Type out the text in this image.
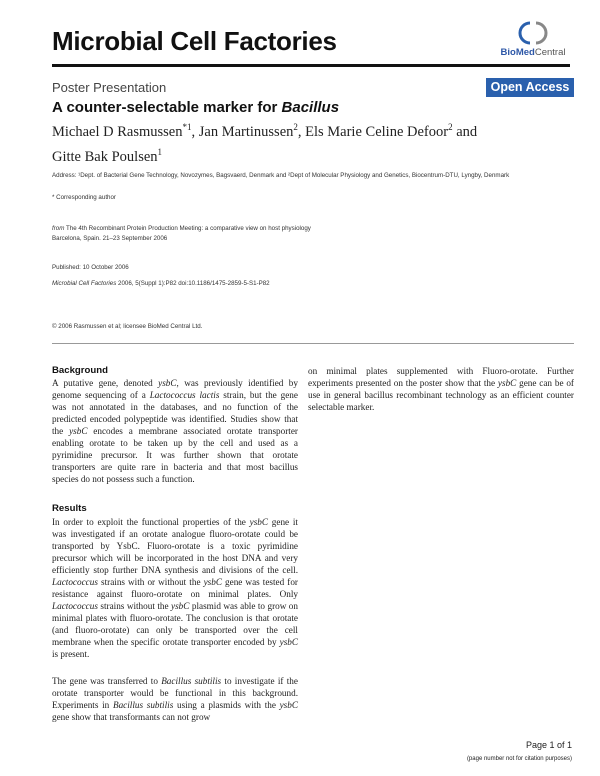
Microbial Cell Factories	BioMedCentral
Poster Presentation	Open Access
A counter-selectable marker for Bacillus
Michael D Rasmussen$^{*1}$, Jan Martinussen$^2$, Els Marie Celine Defoor$^2$ and
Gitte Bak Poulsen$^1$
Address: ¹Dept. of Bacterial Gene Technology, Novozymes, Bagsvaerd, Denmark and ²Dept of Molecular Physiology and Genetics, Biocentrum-DTU, Lyngby, Denmark
* Corresponding author
from The 4th Recombinant Protein Production Meeting: a comparative view on host physiology
Barcelona, Spain. 21–23 September 2006
Published: 10 October 2006
Microbial Cell Factories 2006, 5(Suppl 1):P82 doi:10.1186/1475-2859-5-S1-P82
© 2006 Rasmussen et al; licensee BioMed Central Ltd.
Background
A putative gene, denoted ysbC, was previously identified by genome sequencing of a Lactococcus lactis strain, but the gene was not annotated in the databases, and no function of the predicted encoded polypeptide was identified. Studies show that the ysbC encodes a membrane associated orotate transporter enabling orotate to be taken up by the cell and used as a pyrimidine precursor. It was further shown that orotate transporters are quite rare in bacteria and that most bacillus species do not possess such a function.
Results
In order to exploit the functional properties of the ysbC gene it was investigated if an orotate analogue fluoro-orotate could be transported by YsbC. Fluoro-orotate is a toxic pyrimidine precursor which will be incorporated in the host DNA and very efficiently stop further DNA synthesis and divisions of the cell. Lactococcus strains with or without the ysbC gene was tested for resistance against fluoro-orotate on minimal plates. Only Lactococcus strains without the ysbC plasmid was able to grow on minimal plates with fluoro-orotate. The conclusion is that orotate (and fluoro-orotate) can only be transported over the cell membrane when the specific orotate transporter encoded by ysbC is present.
The gene was transferred to Bacillus subtilis to investigate if the orotate transporter would be functional in this background. Experiments in Bacillus subtilis using a plasmids with the ysbC gene show that transformants can not grow
on minimal plates supplemented with Fluoro-orotate. Further experiments presented on the poster show that the ysbC gene can be of use in general bacillus recombinant technology as an efficient counter selectable marker.
Page 1 of 1
(page number not for citation purposes)
